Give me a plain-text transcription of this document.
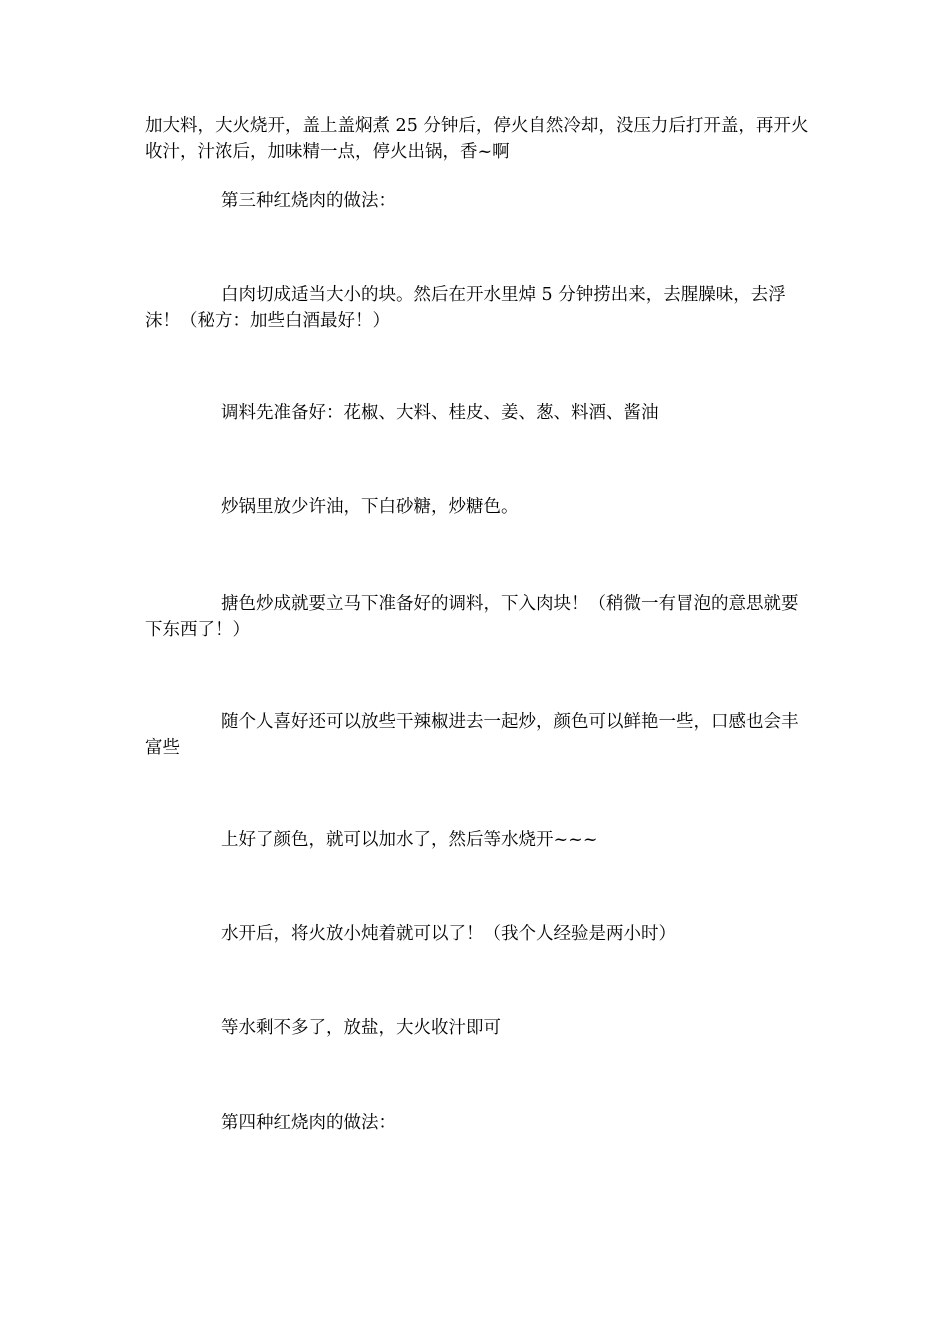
加大料，大火烧开，盖上盖焖煮 25 分钟后，停火自然冷却，没压力后打开盖，再开火收汁，汁浓后，加味精一点，停火出锅，香~啊

第三种红烧肉的做法：

白肉切成适当大小的块。然后在开水里焯 5 分钟捞出来，去腥臊味，去浮沫！（秘方：加些白酒最好！）

调料先准备好：花椒、大料、桂皮、姜、葱、料酒、酱油

炒锅里放少许油，下白砂糖，炒糖色。

搪色炒成就要立马下准备好的调料，下入肉块！（稍微一有冒泡的意思就要下东西了！）

随个人喜好还可以放些干辣椒进去一起炒，颜色可以鲜艳一些，口感也会丰富些

上好了颜色，就可以加水了，然后等水烧开~~~

水开后，将火放小炖着就可以了！（我个人经验是两小时）

等水剩不多了，放盐，大火收汁即可

第四种红烧肉的做法：
